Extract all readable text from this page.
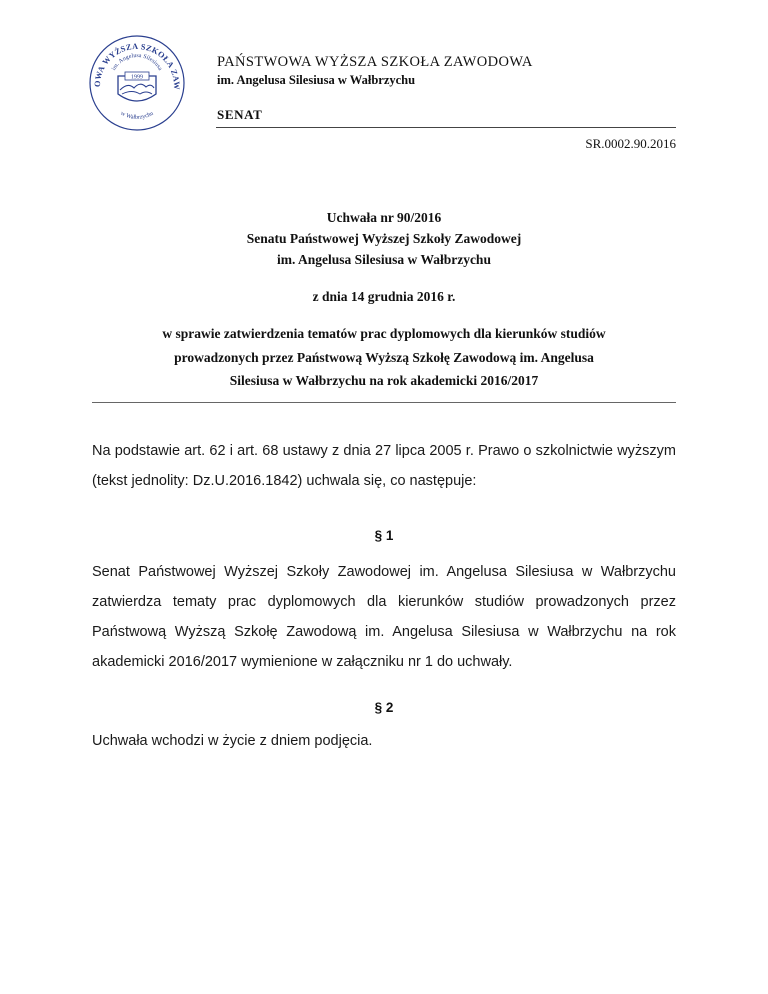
OWA WYŻSZA SZKOŁA ZAW
im. Angelusa Silesiusa
w Wałbrzychu
1999
PAŃSTWOWA WYŻSZA SZKOŁA ZAWODOWA
im. Angelusa Silesiusa w Wałbrzychu
SENAT
SR.0002.90.2016
Uchwała nr 90/2016
Senatu Państwowej Wyższej Szkoły Zawodowej
im. Angelusa Silesiusa w Wałbrzychu
z dnia 14 grudnia 2016 r.
w sprawie zatwierdzenia tematów prac dyplomowych dla kierunków studiów
prowadzonych przez Państwową Wyższą Szkołę Zawodową im. Angelusa
Silesiusa w Wałbrzychu na rok akademicki 2016/2017
Na podstawie art. 62 i art. 68 ustawy z dnia 27 lipca 2005 r. Prawo o szkolnictwie wyższym (tekst jednolity: Dz.U.2016.1842) uchwala się, co następuje:
§ 1
Senat Państwowej Wyższej Szkoły Zawodowej im. Angelusa Silesiusa w Wałbrzychu zatwierdza tematy prac dyplomowych dla kierunków studiów prowadzonych przez Państwową Wyższą Szkołę Zawodową im. Angelusa Silesiusa w Wałbrzychu na rok akademicki 2016/2017 wymienione w załączniku nr 1 do uchwały.
§ 2
Uchwała wchodzi w życie z dniem podjęcia.
